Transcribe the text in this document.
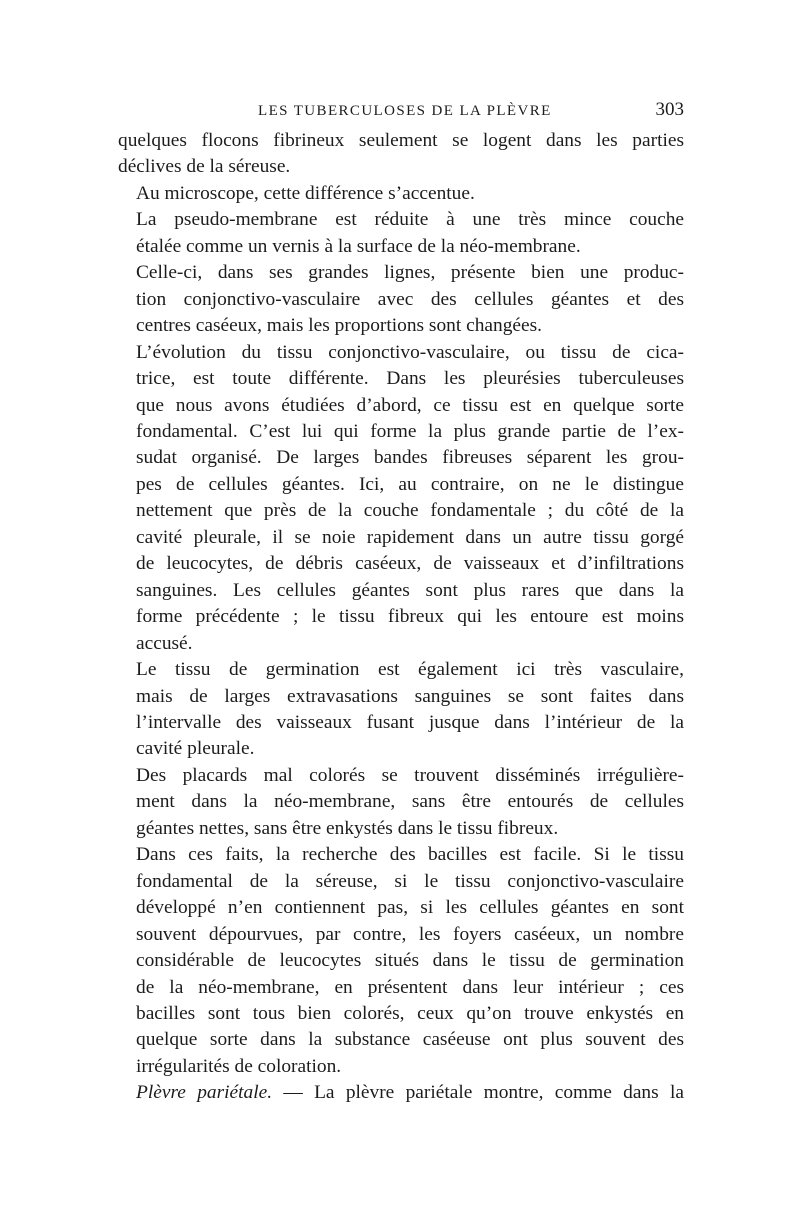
LES TUBERCULOSES DE LA PLÈVRE	303

quelques flocons fibrineux seulement se logent dans les parties
déclives de la séreuse.

Au microscope, cette différence s’accentue.

La pseudo-membrane est réduite à une très mince couche
étalée comme un vernis à la surface de la néo-membrane.

Celle-ci, dans ses grandes lignes, présente bien une produc-
tion conjonctivo-vasculaire avec des cellules géantes et des
centres caséeux, mais les proportions sont changées.

L’évolution du tissu conjonctivo-vasculaire, ou tissu de cica-
trice, est toute différente. Dans les pleurésies tuberculeuses
que nous avons étudiées d’abord, ce tissu est en quelque sorte
fondamental. C’est lui qui forme la plus grande partie de l’ex-
sudat organisé. De larges bandes fibreuses séparent les grou-
pes de cellules géantes. Ici, au contraire, on ne le distingue
nettement que près de la couche fondamentale ; du côté de la
cavité pleurale, il se noie rapidement dans un autre tissu gorgé
de leucocytes, de débris caséeux, de vaisseaux et d’infiltrations
sanguines. Les cellules géantes sont plus rares que dans la
forme précédente ; le tissu fibreux qui les entoure est moins
accusé.

Le tissu de germination est également ici très vasculaire,
mais de larges extravasations sanguines se sont faites dans
l’intervalle des vaisseaux fusant jusque dans l’intérieur de la
cavité pleurale.

Des placards mal colorés se trouvent disséminés irrégulière-
ment dans la néo-membrane, sans être entourés de cellules
géantes nettes, sans être enkystés dans le tissu fibreux.

Dans ces faits, la recherche des bacilles est facile. Si le tissu
fondamental de la séreuse, si le tissu conjonctivo-vasculaire
développé n’en contiennent pas, si les cellules géantes en sont
souvent dépourvues, par contre, les foyers caséeux, un nombre
considérable de leucocytes situés dans le tissu de germination
de la néo-membrane, en présentent dans leur intérieur ; ces
bacilles sont tous bien colorés, ceux qu’on trouve enkystés en
quelque sorte dans la substance caséeuse ont plus souvent des
irrégularités de coloration.

Plèvre pariétale. — La plèvre pariétale montre, comme dans la
